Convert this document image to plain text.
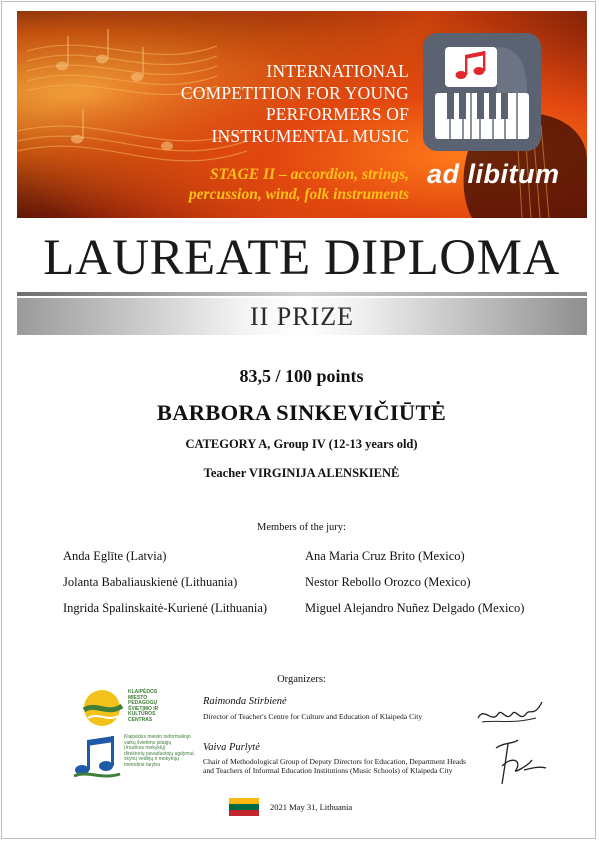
INTERNATIONAL
COMPETITION FOR YOUNG
PERFORMERS OF
INSTRUMENTAL MUSIC
STAGE II – accordion, strings,
percussion, wind, folk instruments
ad libitum
LAUREATE DIPLOMA
II PRIZE
83,5 / 100 points
BARBORA SINKEVIČIŪTĖ
CATEGORY A, Group IV (12-13 years old)
Teacher VIRGINIJA ALENSKIENĖ
Members of the jury:
Anda Eglīte (Latvia)
Jolanta Babaliauskienė (Lithuania)
Ingrida Spalinskaitė-Kurienė (Lithuania)
Ana Maria Cruz Brito (Mexico)
Nestor Rebollo Orozco (Mexico)
Miguel Alejandro Nuñez Delgado (Mexico)
Organizers:
KLAIPĖDOS
MIESTO
PEDAGOGŲ
ŠVIETIMO IR
KULTŪROS
CENTRAS
Klaipėdos miesto neformaliojo
vaikų švietimo įstaigų
(muzikos mokyklų)
direktorių pavaduotojų ugdymui,
skyrių vedėjų ir mokytojų
metodinė taryba
Raimonda Stirbienė
Director of Teacher's Centre for Culture and Education of Klaipeda City
Vaiva Purlytė
Chair of Methodological Group of Deputy Directors for Education, Department Heads
and Teachers of Informal Education Institutions (Music Schools) of Klaipeda City
2021 May 31, Lithuania
